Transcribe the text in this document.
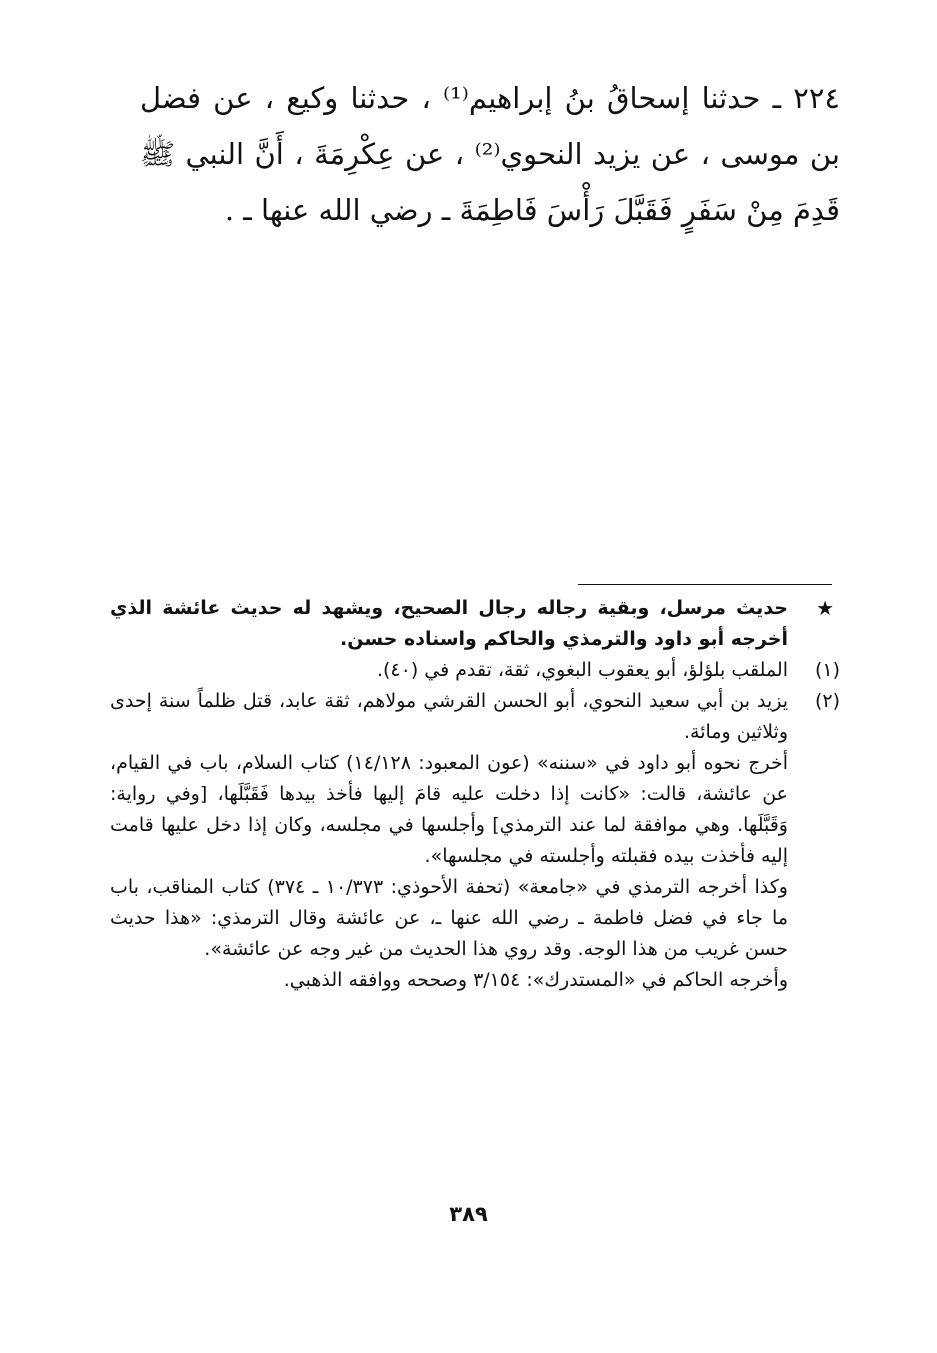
٢٢٤ ـ حدثنا إسحاقُ بنُ إبراهيم⁽¹⁾ ، حدثنا وكيع ، عن فضل بن موسى ، عن يزيد النحوي⁽²⁾ ، عن عِكْرِمَةَ ، أَنَّ النبي ﷺ قَدِمَ مِنْ سَفَرٍ فَقَبَّلَ رَأْسَ فَاطِمَةَ ـ رضي الله عنها ـ .
★
حديث مرسل، وبقية رجاله رجال الصحيح، ويشهد له حديث عائشة الذي أخرجه أبو داود والترمذي والحاكم واسناده حسن.
(١)
الملقب بلؤلؤ، أبو يعقوب البغوي، ثقة، تقدم في (٤٠).
(٢)

يزيد بن أبي سعيد النحوي، أبو الحسن القرشي مولاهم، ثقة عابد، قتل ظلماً سنة إحدى وثلاثين ومائة.

أخرج نحوه أبو داود في «سننه» (عون المعبود: ١٤/١٢٨) كتاب السلام، باب في القيام، عن عائشة، قالت: «كانت إذا دخلت عليه قامَ إليها فأخذ بيدها فَقَبَّلَها، [وفي رواية: وَقَبَّلَها. وهي موافقة لما عند الترمذي] وأجلسها في مجلسه، وكان إذا دخل عليها قامت إليه فأخذت بيده فقبلته وأجلسته في مجلسها».

وكذا أخرجه الترمذي في «جامعة» (تحفة الأحوذي: ١٠/٣٧٣ ـ ٣٧٤) كتاب المناقب، باب ما جاء في فضل فاطمة ـ رضي الله عنها ـ، عن عائشة وقال الترمذي: «هذا حديث حسن غريب من هذا الوجه. وقد روي هذا الحديث من غير وجه عن عائشة».

وأخرجه الحاكم في «المستدرك»: ٣/١٥٤ وصححه ووافقه الذهبي.

٣٨٩
